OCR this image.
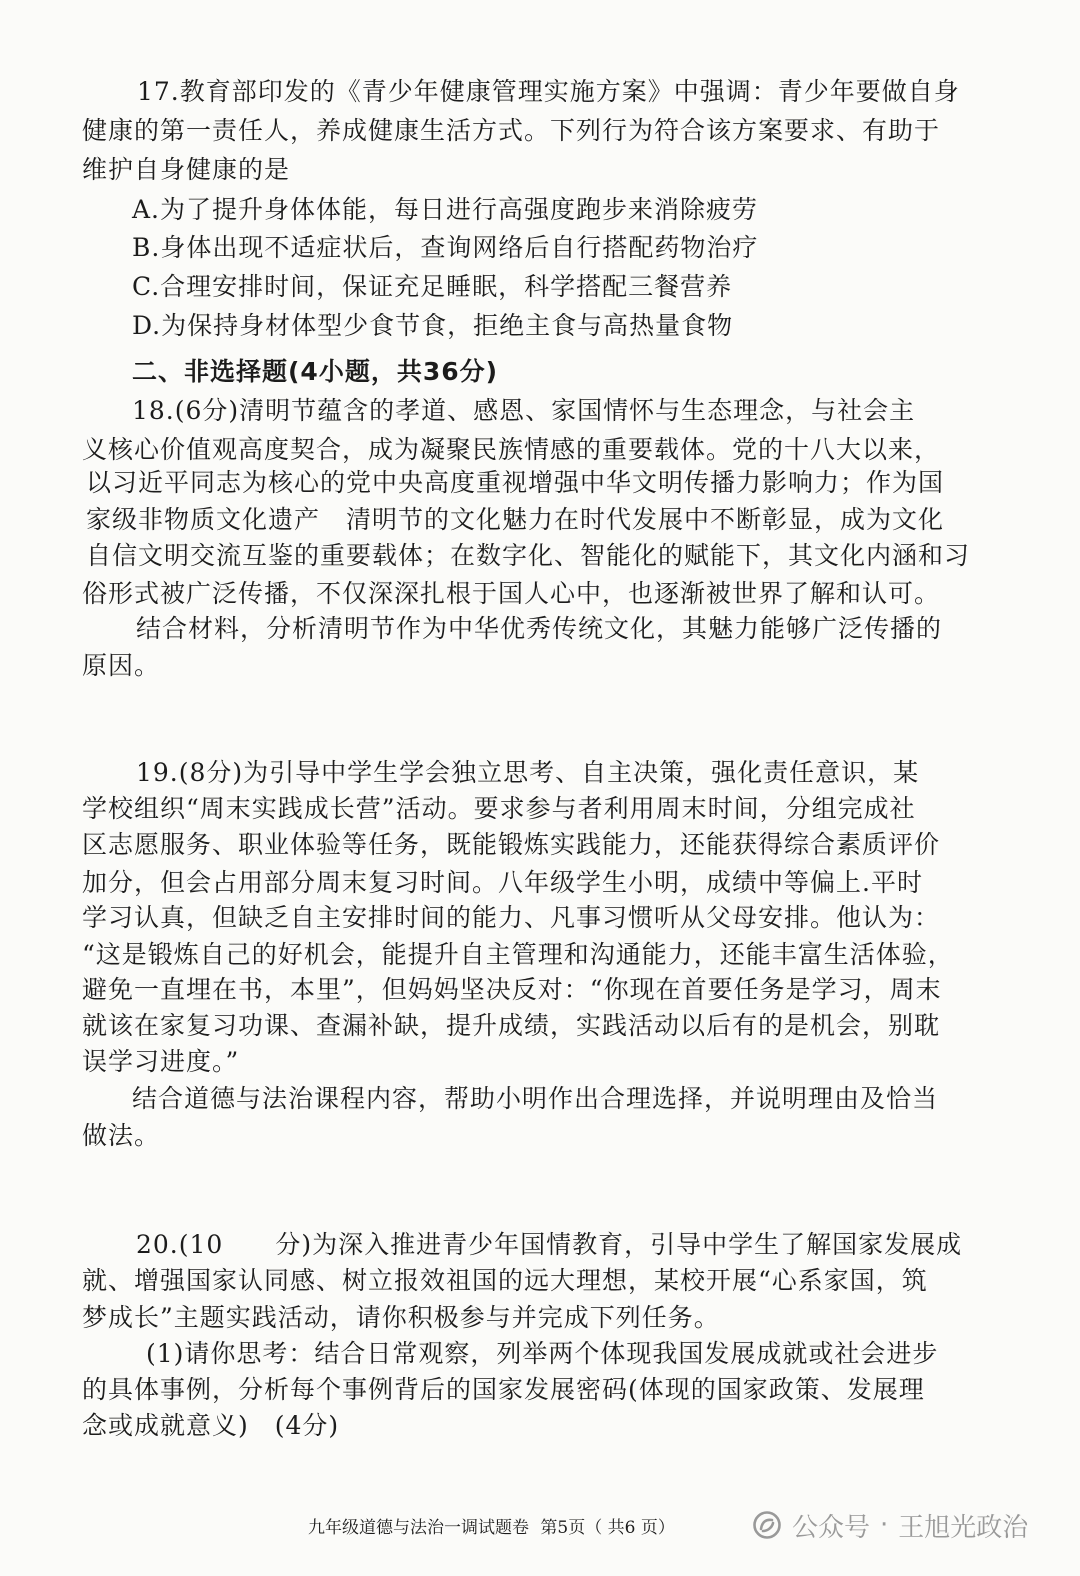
17.教育部印发的《青少年健康管理实施方案》中强调：青少年要做自身
健康的第一责任人，养成健康生活方式。下列行为符合该方案要求、有助于
维护自身健康的是
A.为了提升身体体能，每日进行高强度跑步来消除疲劳
B.身体出现不适症状后，查询网络后自行搭配药物治疗
C.合理安排时间，保证充足睡眠，科学搭配三餐营养
D.为保持身材体型少食节食，拒绝主食与高热量食物
二、非选择题(4小题，共36分)
18.(6分)清明节蕴含的孝道、感恩、家国情怀与生态理念，与社会主
义核心价值观高度契合，成为凝聚民族情感的重要载体。党的十八大以来，
以习近平同志为核心的党中央高度重视增强中华文明传播力影响力；作为国
家级非物质文化遗产　清明节的文化魅力在时代发展中不断彰显，成为文化
自信文明交流互鉴的重要载体；在数字化、智能化的赋能下，其文化内涵和习
俗形式被广泛传播，不仅深深扎根于国人心中，也逐渐被世界了解和认可。
结合材料，分析清明节作为中华优秀传统文化，其魅力能够广泛传播的
原因。
19.(8分)为引导中学生学会独立思考、自主决策，强化责任意识，某
学校组织“周末实践成长营”活动。要求参与者利用周末时间，分组完成社
区志愿服务、职业体验等任务，既能锻炼实践能力，还能获得综合素质评价
加分，但会占用部分周末复习时间。八年级学生小明，成绩中等偏上.平时
学习认真，但缺乏自主安排时间的能力、凡事习惯听从父母安排。他认为：
“这是锻炼自己的好机会，能提升自主管理和沟通能力，还能丰富生活体验，
避免一直埋在书，本里”，但妈妈坚决反对：“你现在首要任务是学习，周末
就该在家复习功课、查漏补缺，提升成绩，实践活动以后有的是机会，别耽
误学习进度。”
结合道德与法治课程内容，帮助小明作出合理选择，并说明理由及恰当
做法。
20.(10　　分)为深入推进青少年国情教育，引导中学生了解国家发展成
就、增强国家认同感、树立报效祖国的远大理想，某校开展“心系家国，筑
梦成长”主题实践活动，请你积极参与并完成下列任务。
(1)请你思考：结合日常观察，列举两个体现我国发展成就或社会进步
的具体事例，分析每个事例背后的国家发展密码(体现的国家政策、发展理
念或成就意义)　(4分)
九年级道德与法治一调试题卷 第5页（ 共6 页）	公众号 · 王旭光政治
